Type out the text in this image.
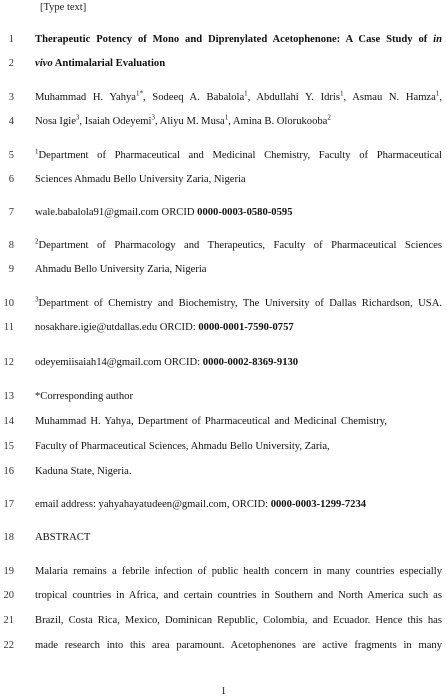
[Type text]
1 Therapeutic Potency of Mono and Diprenylated Acetophenone: A Case Study of in
2 vivo Antimalarial Evaluation
3 Muhammad H. Yahya$^{1*}$, Sodeeq A. Babalola$^1$, Abdullahi Y. Idris$^1$, Asmau N. Hamza$^1$,
4 Nosa Igie$^3$, Isaiah Odeyemi$^3$, Aliyu M. Musa$^1$, Amina B. Olorukooba$^2$
5	$^1$Department of Pharmaceutical and Medicinal Chemistry, Faculty of Pharmaceutical
6 Sciences Ahmadu Bello University Zaria, Nigeria
7 wale.babalola91@gmail.com ORCID 0000-0003-0580-0595
8	$^2$Department of Pharmacology and Therapeutics, Faculty of Pharmaceutical Sciences
9 Ahmadu Bello University Zaria, Nigeria
10	$^3$Department of Chemistry and Biochemistry, The University of Dallas Richardson, USA.
11 nosakhare.igie@utdallas.edu ORCID: 0000-0001-7590-0757
12 odeyemiisaiah14@gmail.com ORCID: 0000-0002-8369-9130
13 *Corresponding author
14 Muhammad H. Yahya, Department of Pharmaceutical and Medicinal Chemistry,
15 Faculty of Pharmaceutical Sciences, Ahmadu Bello University, Zaria,
16 Kaduna State, Nigeria.
17 email address: yahyahayatudeen@gmail.com, ORCID: 0000-0003-1299-7234
18 ABSTRACT
19 Malaria remains a febrile infection of public health concern in many countries especially
20 tropical countries in Africa, and certain countries in Southern and North America such as
21 Brazil, Costa Rica, Mexico, Dominican Republic, Colombia, and Ecuador. Hence this has
22 made research into this area paramount. Acetophenones are active fragments in many
1
